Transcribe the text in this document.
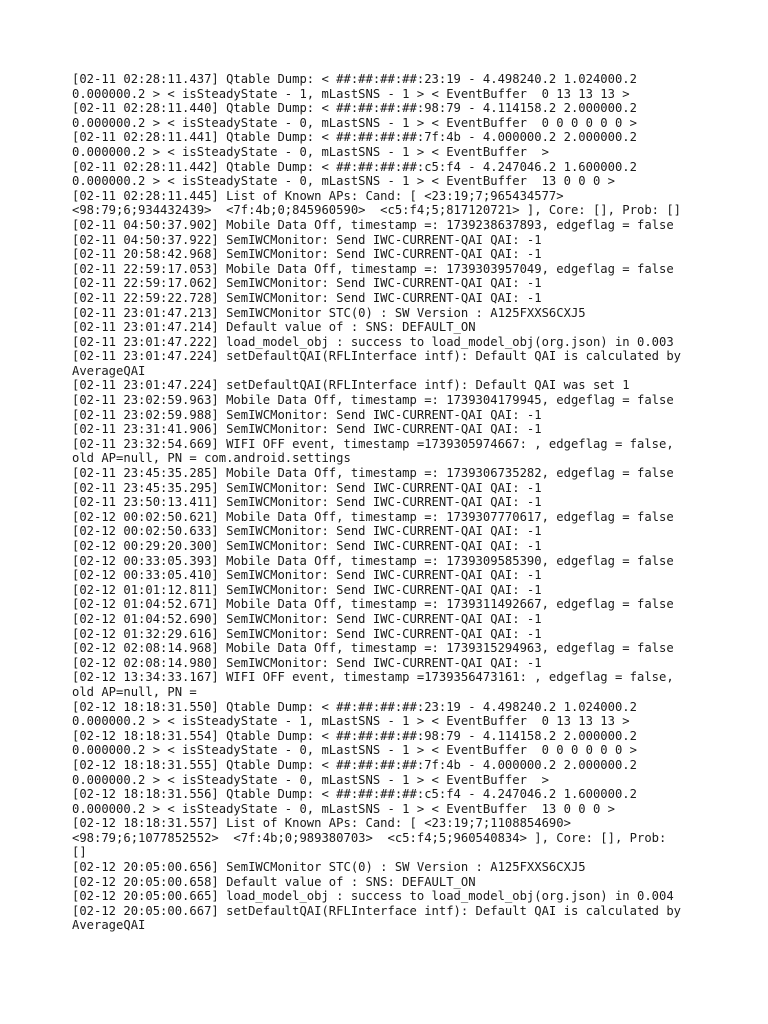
[02-11 02:28:11.437] Qtable Dump: < ##:##:##:##:23:19 - 4.498240.2 1.024000.2
0.000000.2 > < isSteadyState - 1, mLastSNS - 1 > < EventBuffer  0 13 13 13 >
[02-11 02:28:11.440] Qtable Dump: < ##:##:##:##:98:79 - 4.114158.2 2.000000.2
0.000000.2 > < isSteadyState - 0, mLastSNS - 1 > < EventBuffer  0 0 0 0 0 0 >
[02-11 02:28:11.441] Qtable Dump: < ##:##:##:##:7f:4b - 4.000000.2 2.000000.2
0.000000.2 > < isSteadyState - 0, mLastSNS - 1 > < EventBuffer  >
[02-11 02:28:11.442] Qtable Dump: < ##:##:##:##:c5:f4 - 4.247046.2 1.600000.2
0.000000.2 > < isSteadyState - 0, mLastSNS - 1 > < EventBuffer  13 0 0 0 >
[02-11 02:28:11.445] List of Known APs: Cand: [ <23:19;7;965434577>
<98:79;6;934432439>  <7f:4b;0;845960590>  <c5:f4;5;817120721> ], Core: [], Prob: []
[02-11 04:50:37.902] Mobile Data Off, timestamp =: 1739238637893, edgeflag = false
[02-11 04:50:37.922] SemIWCMonitor: Send IWC-CURRENT-QAI QAI: -1
[02-11 20:58:42.968] SemIWCMonitor: Send IWC-CURRENT-QAI QAI: -1
[02-11 22:59:17.053] Mobile Data Off, timestamp =: 1739303957049, edgeflag = false
[02-11 22:59:17.062] SemIWCMonitor: Send IWC-CURRENT-QAI QAI: -1
[02-11 22:59:22.728] SemIWCMonitor: Send IWC-CURRENT-QAI QAI: -1
[02-11 23:01:47.213] SemIWCMonitor STC(0) : SW Version : A125FXXS6CXJ5
[02-11 23:01:47.214] Default value of : SNS: DEFAULT_ON
[02-11 23:01:47.222] load_model_obj : success to load_model_obj(org.json) in 0.003
[02-11 23:01:47.224] setDefaultQAI(RFLInterface intf): Default QAI is calculated by
AverageQAI
[02-11 23:01:47.224] setDefaultQAI(RFLInterface intf): Default QAI was set 1
[02-11 23:02:59.963] Mobile Data Off, timestamp =: 1739304179945, edgeflag = false
[02-11 23:02:59.988] SemIWCMonitor: Send IWC-CURRENT-QAI QAI: -1
[02-11 23:31:41.906] SemIWCMonitor: Send IWC-CURRENT-QAI QAI: -1
[02-11 23:32:54.669] WIFI OFF event, timestamp =1739305974667: , edgeflag = false,
old AP=null, PN = com.android.settings
[02-11 23:45:35.285] Mobile Data Off, timestamp =: 1739306735282, edgeflag = false
[02-11 23:45:35.295] SemIWCMonitor: Send IWC-CURRENT-QAI QAI: -1
[02-11 23:50:13.411] SemIWCMonitor: Send IWC-CURRENT-QAI QAI: -1
[02-12 00:02:50.621] Mobile Data Off, timestamp =: 1739307770617, edgeflag = false
[02-12 00:02:50.633] SemIWCMonitor: Send IWC-CURRENT-QAI QAI: -1
[02-12 00:29:20.300] SemIWCMonitor: Send IWC-CURRENT-QAI QAI: -1
[02-12 00:33:05.393] Mobile Data Off, timestamp =: 1739309585390, edgeflag = false
[02-12 00:33:05.410] SemIWCMonitor: Send IWC-CURRENT-QAI QAI: -1
[02-12 01:01:12.811] SemIWCMonitor: Send IWC-CURRENT-QAI QAI: -1
[02-12 01:04:52.671] Mobile Data Off, timestamp =: 1739311492667, edgeflag = false
[02-12 01:04:52.690] SemIWCMonitor: Send IWC-CURRENT-QAI QAI: -1
[02-12 01:32:29.616] SemIWCMonitor: Send IWC-CURRENT-QAI QAI: -1
[02-12 02:08:14.968] Mobile Data Off, timestamp =: 1739315294963, edgeflag = false
[02-12 02:08:14.980] SemIWCMonitor: Send IWC-CURRENT-QAI QAI: -1
[02-12 13:34:33.167] WIFI OFF event, timestamp =1739356473161: , edgeflag = false,
old AP=null, PN =
[02-12 18:18:31.550] Qtable Dump: < ##:##:##:##:23:19 - 4.498240.2 1.024000.2
0.000000.2 > < isSteadyState - 1, mLastSNS - 1 > < EventBuffer  0 13 13 13 >
[02-12 18:18:31.554] Qtable Dump: < ##:##:##:##:98:79 - 4.114158.2 2.000000.2
0.000000.2 > < isSteadyState - 0, mLastSNS - 1 > < EventBuffer  0 0 0 0 0 0 >
[02-12 18:18:31.555] Qtable Dump: < ##:##:##:##:7f:4b - 4.000000.2 2.000000.2
0.000000.2 > < isSteadyState - 0, mLastSNS - 1 > < EventBuffer  >
[02-12 18:18:31.556] Qtable Dump: < ##:##:##:##:c5:f4 - 4.247046.2 1.600000.2
0.000000.2 > < isSteadyState - 0, mLastSNS - 1 > < EventBuffer  13 0 0 0 >
[02-12 18:18:31.557] List of Known APs: Cand: [ <23:19;7;1108854690>
<98:79;6;1077852552>  <7f:4b;0;989380703>  <c5:f4;5;960540834> ], Core: [], Prob:
[]
[02-12 20:05:00.656] SemIWCMonitor STC(0) : SW Version : A125FXXS6CXJ5
[02-12 20:05:00.658] Default value of : SNS: DEFAULT_ON
[02-12 20:05:00.665] load_model_obj : success to load_model_obj(org.json) in 0.004
[02-12 20:05:00.667] setDefaultQAI(RFLInterface intf): Default QAI is calculated by
AverageQAI
